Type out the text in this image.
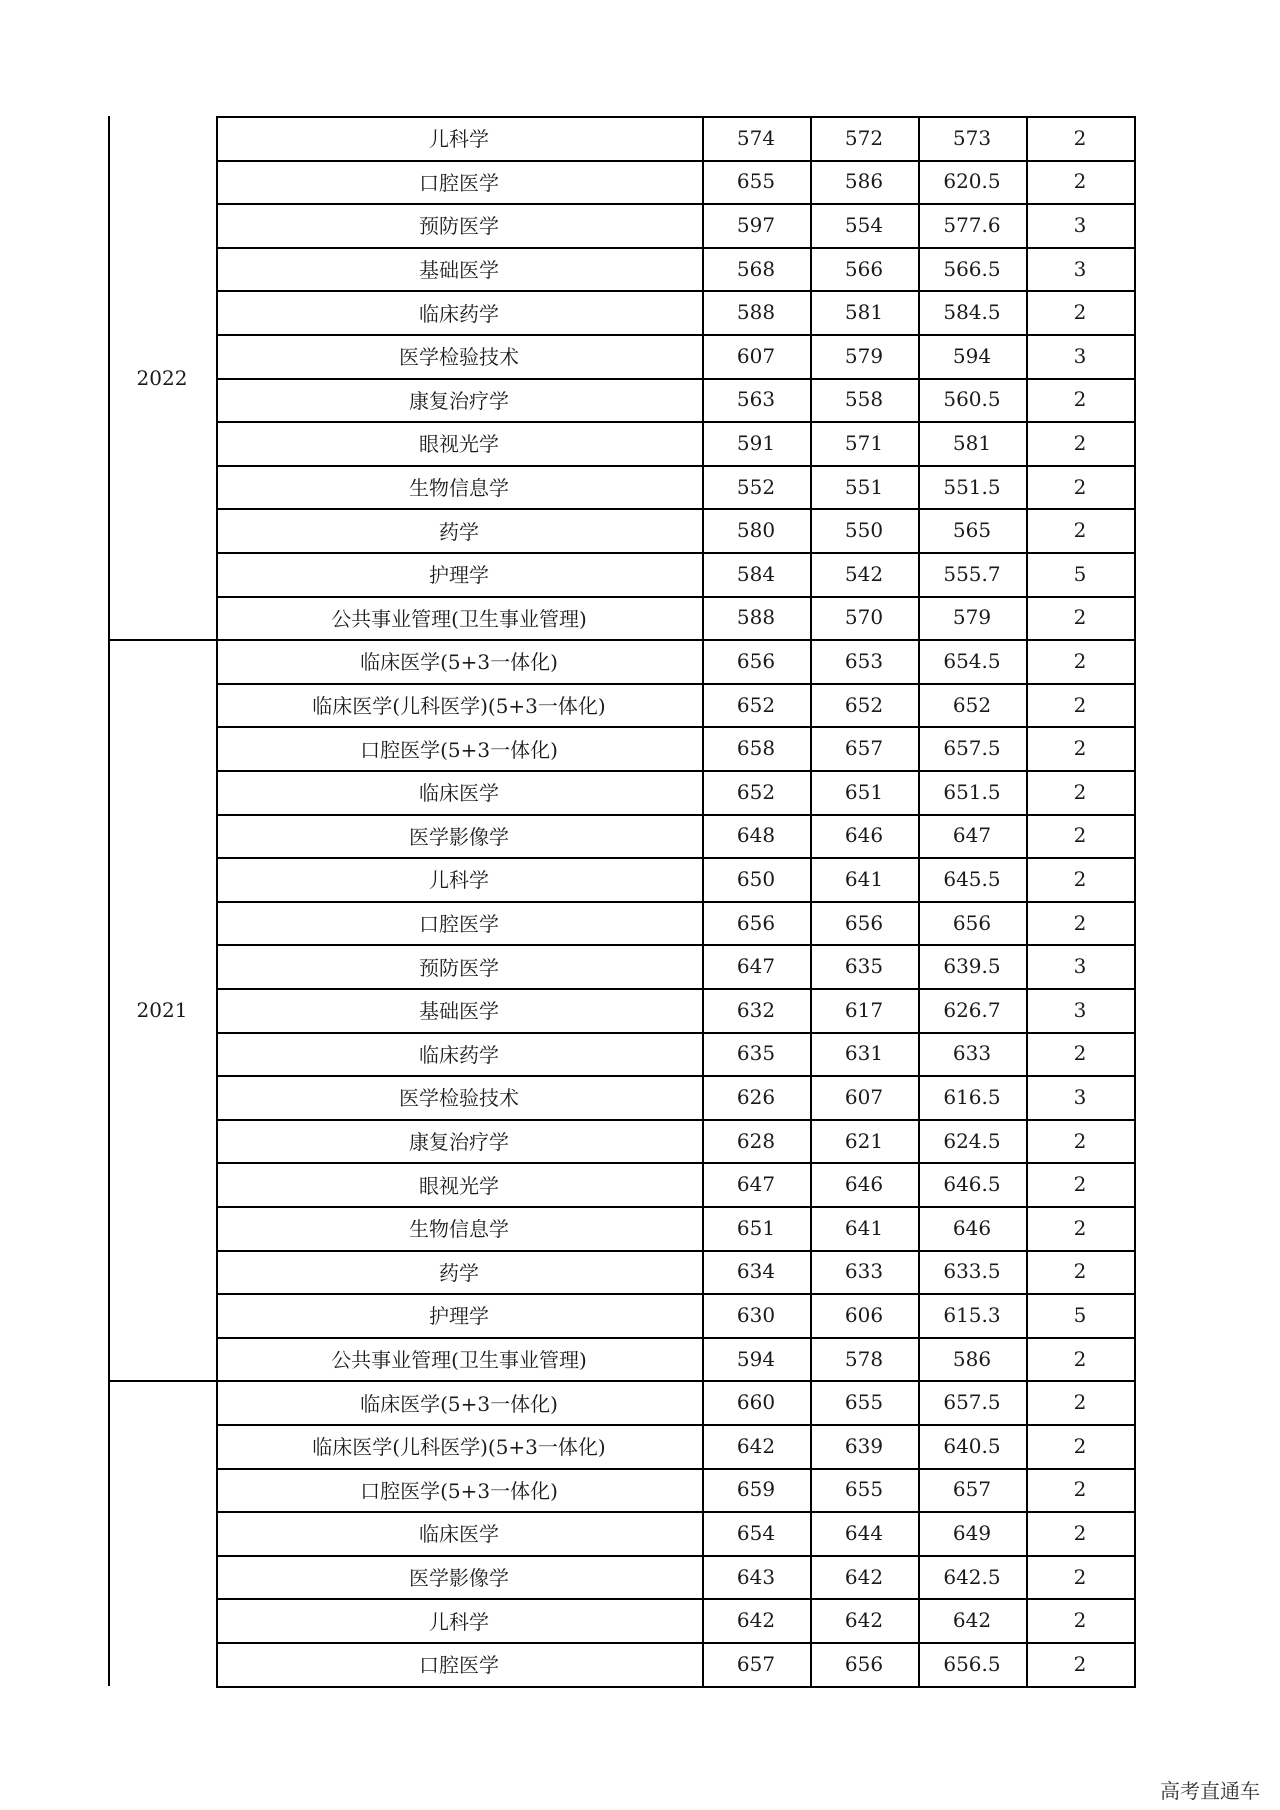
2022
儿科学	574	572	573	2
口腔医学	655	586	620.5	2
预防医学	597	554	577.6	3
基础医学	568	566	566.5	3
临床药学	588	581	584.5	2
医学检验技术	607	579	594	3
康复治疗学	563	558	560.5	2
眼视光学	591	571	581	2
生物信息学	552	551	551.5	2
药学	580	550	565	2
护理学	584	542	555.7	5
公共事业管理(卫生事业管理)	588	570	579	2
2021
临床医学(5+3一体化)	656	653	654.5	2
临床医学(儿科医学)(5+3一体化)	652	652	652	2
口腔医学(5+3一体化)	658	657	657.5	2
临床医学	652	651	651.5	2
医学影像学	648	646	647	2
儿科学	650	641	645.5	2
口腔医学	656	656	656	2
预防医学	647	635	639.5	3
基础医学	632	617	626.7	3
临床药学	635	631	633	2
医学检验技术	626	607	616.5	3
康复治疗学	628	621	624.5	2
眼视光学	647	646	646.5	2
生物信息学	651	641	646	2
药学	634	633	633.5	2
护理学	630	606	615.3	5
公共事业管理(卫生事业管理)	594	578	586	2
临床医学(5+3一体化)	660	655	657.5	2
临床医学(儿科医学)(5+3一体化)	642	639	640.5	2
口腔医学(5+3一体化)	659	655	657	2
临床医学	654	644	649	2
医学影像学	643	642	642.5	2
儿科学	642	642	642	2
口腔医学	657	656	656.5	2
高考直通车
